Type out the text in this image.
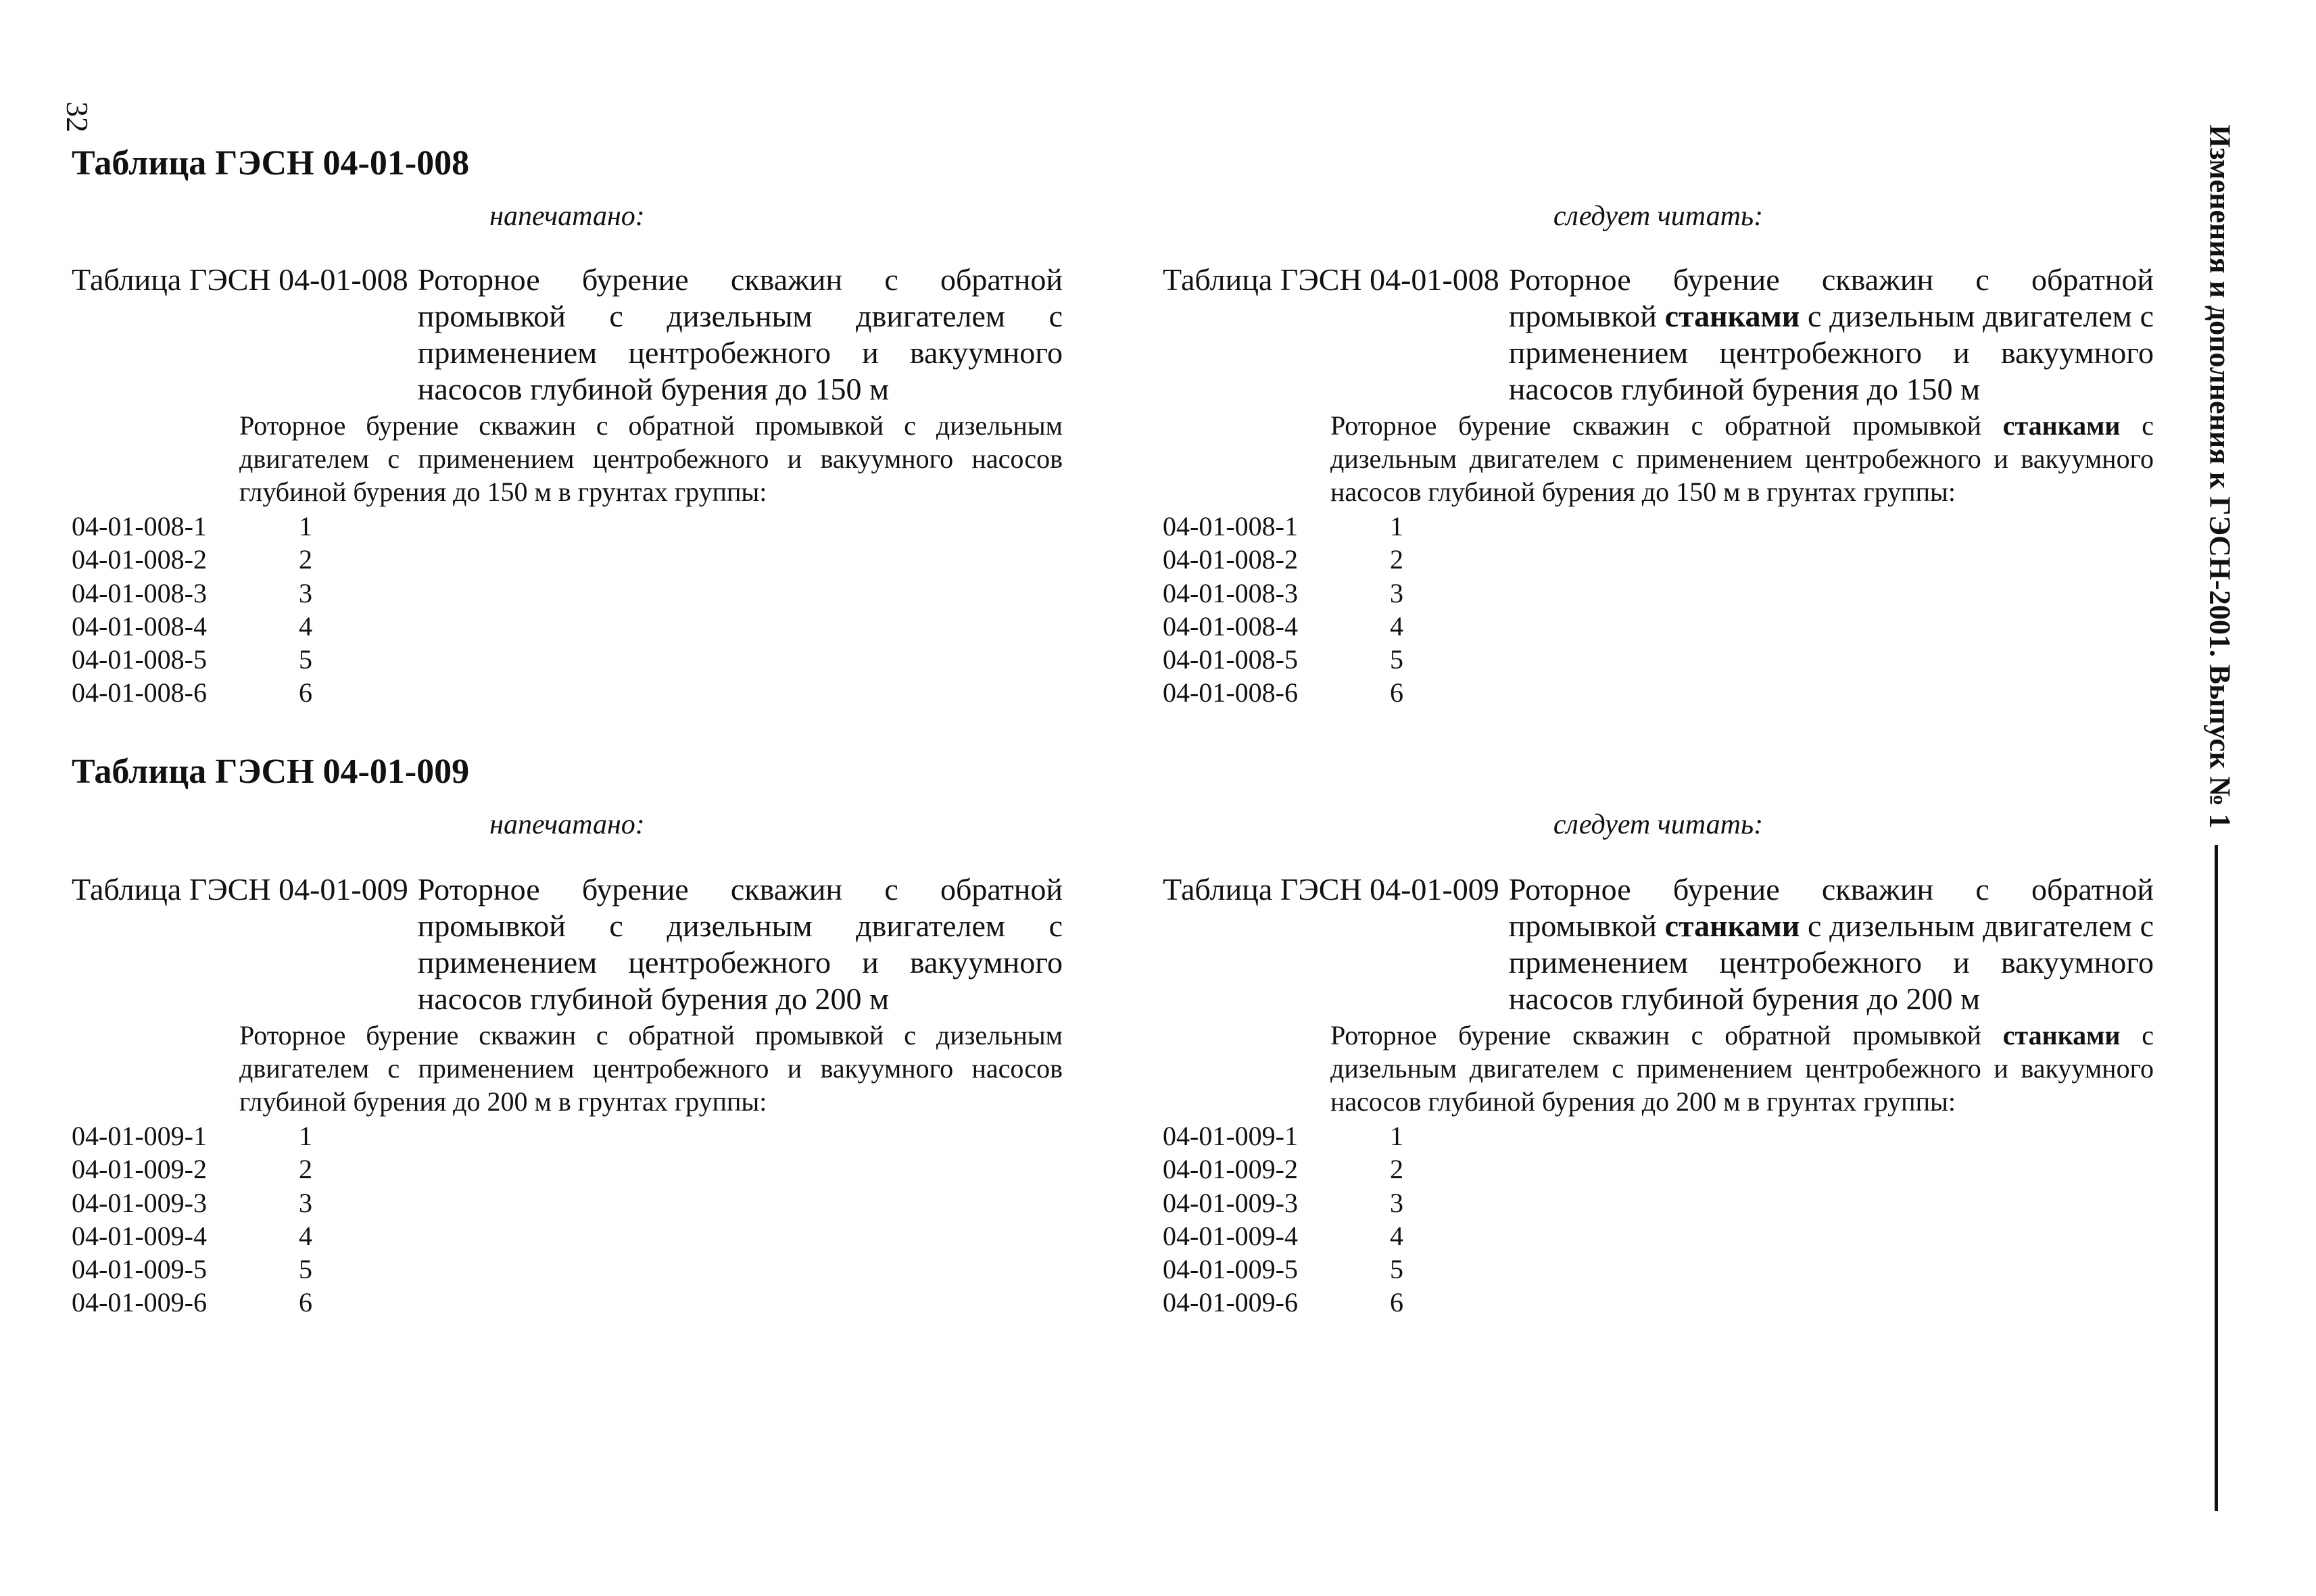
32
Изменения и дополнения к ГЭСН-2001. Выпуск № 1
Таблица ГЭСН 04-01-008
напечатано:	следует читать:
Таблица ГЭСН 04-01-008 Роторное бурение скважин с обратной промывкой с дизельным двигателем с применением центробежного и вакуумного насосов глубиной бурения до 150 м
Роторное бурение скважин с обратной промывкой с дизельным двигателем с применением центробежного и вакуумного насосов глубиной бурения до 150 м в грунтах группы:
04-01-008-1	1
04-01-008-2	2
04-01-008-3	3
04-01-008-4	4
04-01-008-5	5
04-01-008-6	6
Таблица ГЭСН 04-01-008 Роторное бурение скважин с обратной промывкой станками с дизельным двигателем с применением центробежного и вакуумного насосов глубиной бурения до 150 м
Роторное бурение скважин с обратной промывкой станками с дизельным двигателем с применением центробежного и вакуумного насосов глубиной бурения до 150 м в грунтах группы:
04-01-008-1	1
04-01-008-2	2
04-01-008-3	3
04-01-008-4	4
04-01-008-5	5
04-01-008-6	6
Таблица ГЭСН 04-01-009
напечатано:	следует читать:
Таблица ГЭСН 04-01-009 Роторное бурение скважин с обратной промывкой с дизельным двигателем с применением центробежного и вакуумного насосов глубиной бурения до 200 м
Роторное бурение скважин с обратной промывкой с дизельным двигателем с применением центробежного и вакуумного насосов глубиной бурения до 200 м в грунтах группы:
04-01-009-1	1
04-01-009-2	2
04-01-009-3	3
04-01-009-4	4
04-01-009-5	5
04-01-009-6	6
Таблица ГЭСН 04-01-009 Роторное бурение скважин с обратной промывкой станками с дизельным двигателем с применением центробежного и вакуумного насосов глубиной бурения до 200 м
Роторное бурение скважин с обратной промывкой станками с дизельным двигателем с применением центробежного и вакуумного насосов глубиной бурения до 200 м в грунтах группы:
04-01-009-1	1
04-01-009-2	2
04-01-009-3	3
04-01-009-4	4
04-01-009-5	5
04-01-009-6	6
